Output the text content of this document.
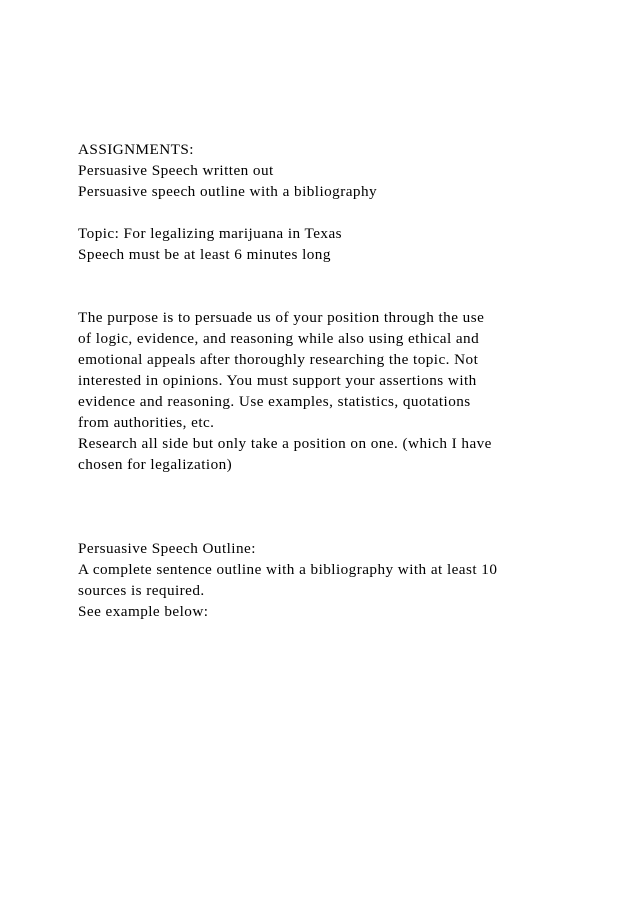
ASSIGNMENTS:
Persuasive Speech written out
Persuasive speech outline with a bibliography
Topic: For legalizing marijuana in Texas
Speech must be at least 6 minutes long
The purpose is to persuade us of your position through the use
of logic, evidence, and reasoning while also using ethical and
emotional appeals after thoroughly researching the topic. Not
interested in opinions. You must support your assertions with
evidence and reasoning. Use examples, statistics, quotations
from authorities, etc.
Research all side but only take a position on one. (which I have
chosen for legalization)
Persuasive Speech Outline:
A complete sentence outline with a bibliography with at least 10
sources is required.
See example below:
